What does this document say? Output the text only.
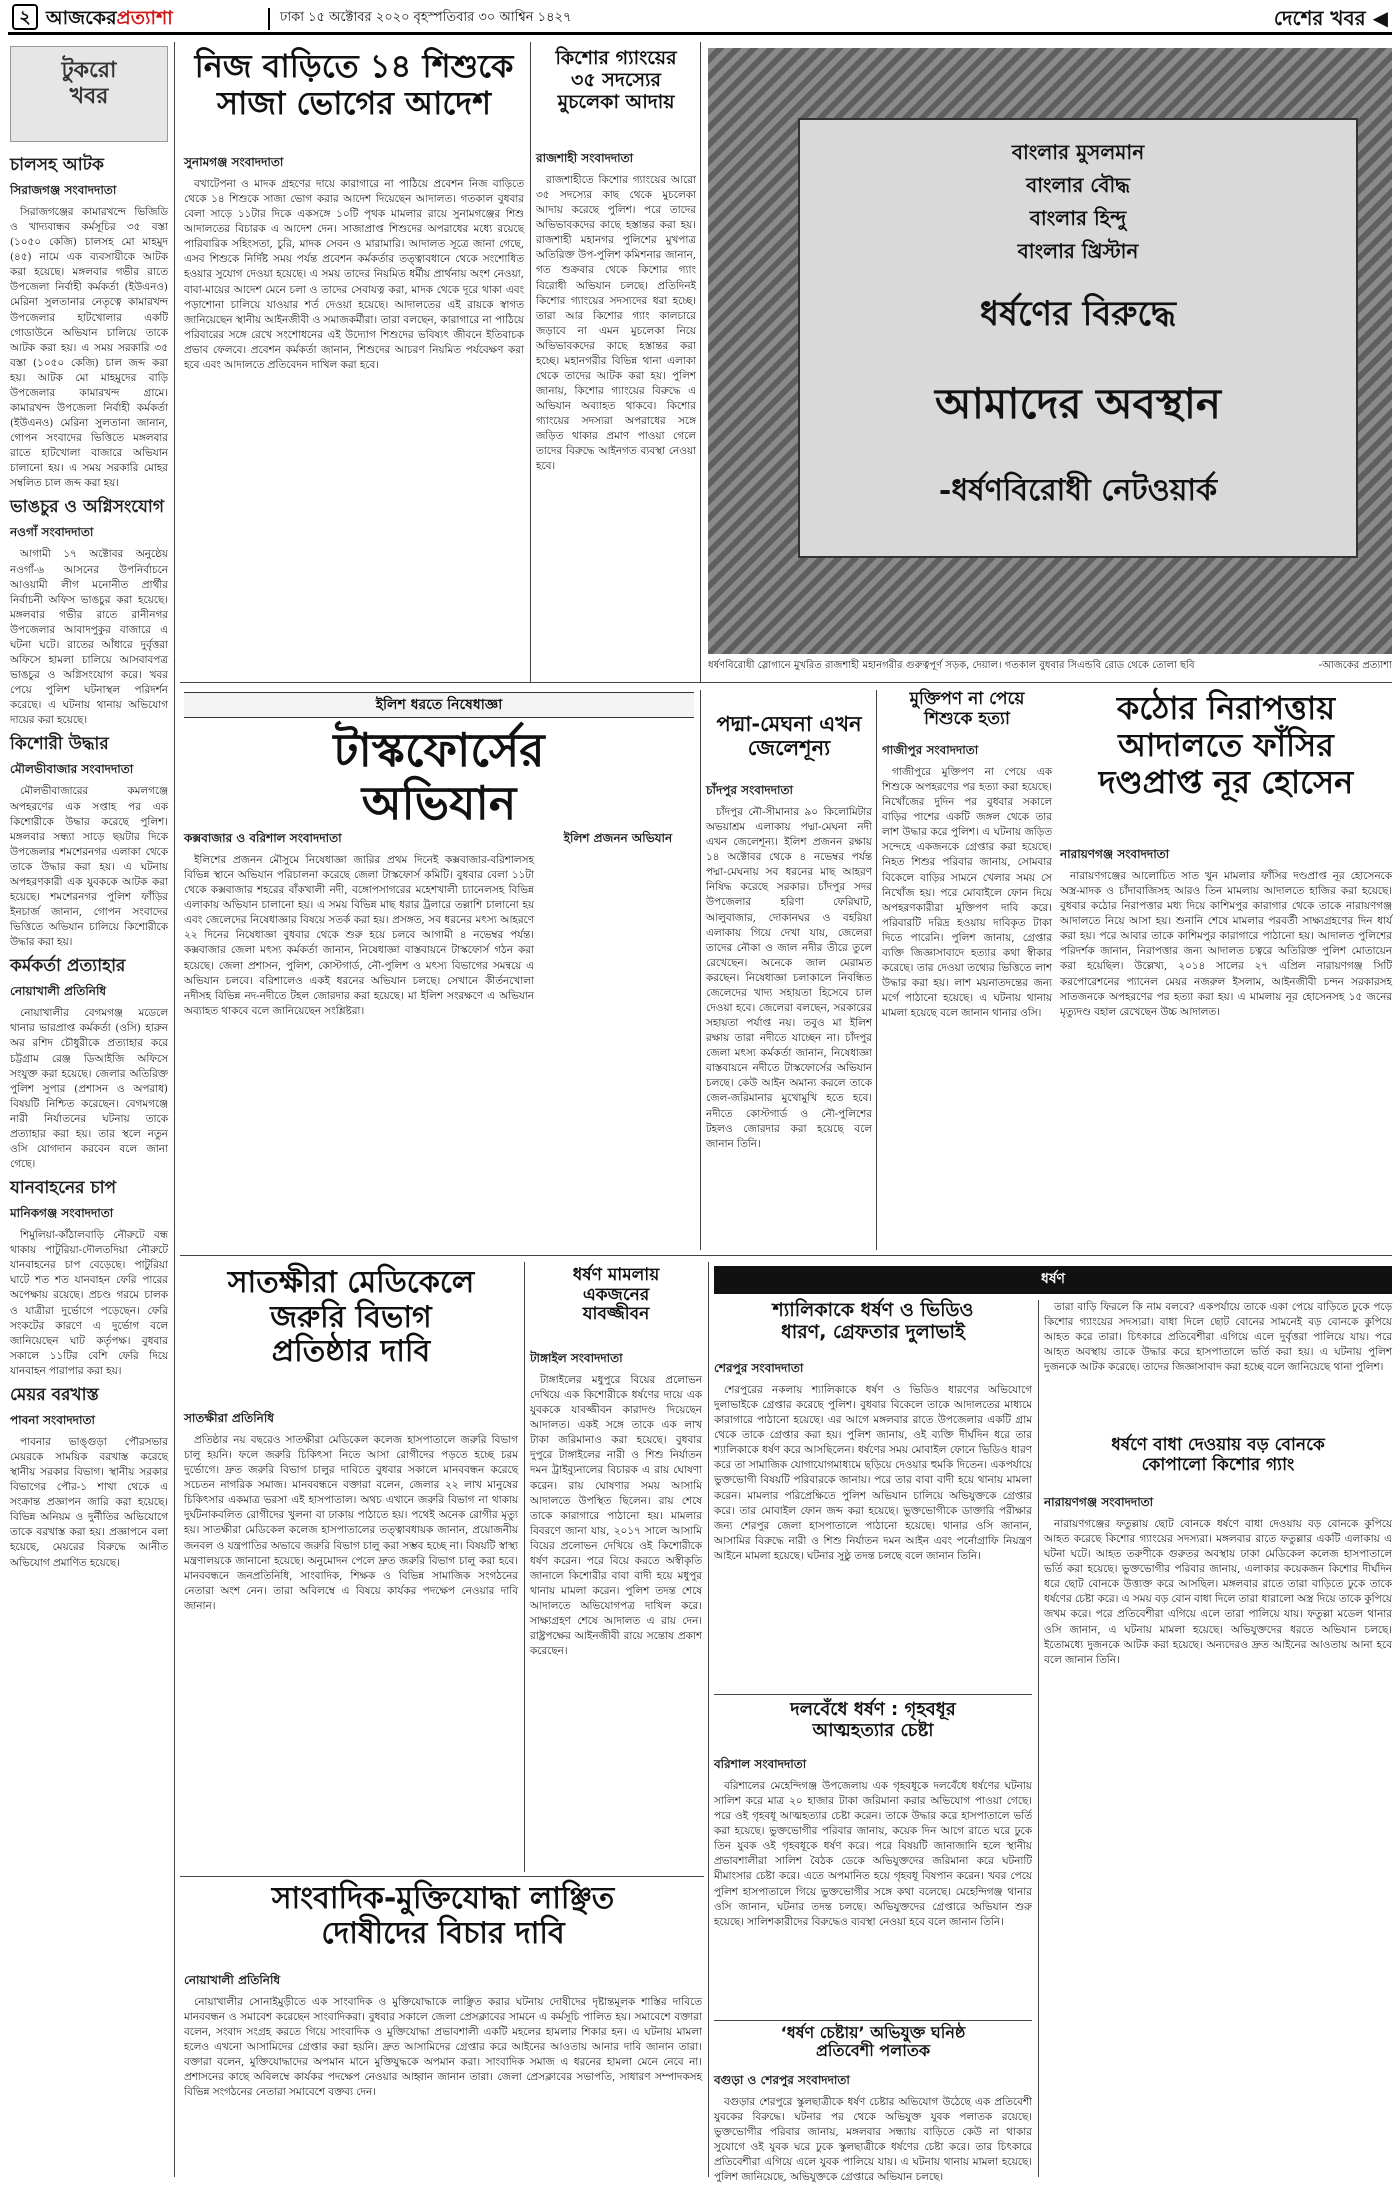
২ আজকেরপ্রত্যাশা	ঢাকা ১৫ অক্টোবর ২০২০ বৃহস্পতিবার ৩০ আশ্বিন ১৪২৭	দেশের খবর ◀
টুকরো
খবর
চালসহ আটক
সিরাজগঞ্জ সংবাদদাতা

সিরাজগঞ্জের কামারখন্দে ভিজিডি ও খাদ্যবান্ধব কর্মসূচির ৩৫ বস্তা (১০৫০ কেজি) চালসহ মো মাহমুদ (৪৫) নামে এক ব্যবসায়ীকে আটক করা হয়েছে। মঙ্গলবার গভীর রাতে উপজেলা নির্বাহী কর্মকর্তা (ইউএনও) মেরিনা সুলতানার নেতৃত্বে কামারখন্দ উপজেলার হাটখোলার একটি গোডাউনে অভিযান চালিয়ে তাকে আটক করা হয়। এ সময় সরকারি ৩৫ বস্তা (১০৫০ কেজি) চাল জব্দ করা হয়। আটক মো মাহমুদের বাড়ি উপজেলার কামারখন্দ গ্রামে। কামারখন্দ উপজেলা নির্বাহী কর্মকর্তা (ইউএনও) মেরিনা সুলতানা জানান, গোপন সংবাদের ভিত্তিতে মঙ্গলবার রাতে হাটখোলা বাজারে অভিযান চালানো হয়। এ সময় সরকারি মোহর সম্বলিত চাল জব্দ করা হয়।

ভাঙচুর ও অগ্নিসংযোগ
নওগাঁ সংবাদদাতা

আগামী ১৭ অক্টোবর অনুষ্ঠেয় নওগাঁ-৬ আসনের উপনির্বাচনে আওয়ামী লীগ মনোনীত প্রার্থীর নির্বাচনী অফিস ভাঙচুর করা হয়েছে। মঙ্গলবার গভীর রাতে রানীনগর উপজেলার আবাদপুকুর বাজারে এ ঘটনা ঘটে। রাতের আঁধারে দুর্বৃত্তরা অফিসে হামলা চালিয়ে আসবাবপত্র ভাঙচুর ও অগ্নিসংযোগ করে। খবর পেয়ে পুলিশ ঘটনাস্থল পরিদর্শন করেছে। এ ঘটনায় থানায় অভিযোগ দায়ের করা হয়েছে।

কিশোরী উদ্ধার
মৌলভীবাজার সংবাদদাতা

মৌলভীবাজারের কমলগঞ্জে অপহরণের এক সপ্তাহ পর এক কিশোরীকে উদ্ধার করেছে পুলিশ। মঙ্গলবার সন্ধ্যা সাড়ে ছয়টার দিকে উপজেলার শমশেরনগর এলাকা থেকে তাকে উদ্ধার করা হয়। এ ঘটনায় অপহরণকারী এক যুবককে আটক করা হয়েছে। শমশেরনগর পুলিশ ফাঁড়ির ইনচার্জ জানান, গোপন সংবাদের ভিত্তিতে অভিযান চালিয়ে কিশোরীকে উদ্ধার করা হয়।

কর্মকর্তা প্রত্যাহার
নোয়াখালী প্রতিনিধি

নোয়াখালীর বেগমগঞ্জ মডেলে থানার ভারপ্রাপ্ত কর্মকর্তা (ওসি) হারুন অর রশিদ চৌধুরীকে প্রত্যাহার করে চট্টগ্রাম রেঞ্জ ডিআইজি অফিসে সংযুক্ত করা হয়েছে। জেলার অতিরিক্ত পুলিশ সুপার (প্রশাসন ও অপরাধ) বিষয়টি নিশ্চিত করেছেন। বেগমগঞ্জে নারী নির্যাতনের ঘটনায় তাকে প্রত্যাহার করা হয়। তার স্থলে নতুন ওসি যোগদান করবেন বলে জানা গেছে।

যানবাহনের চাপ
মানিকগঞ্জ সংবাদদাতা

শিমুলিয়া-কাঁঠালবাড়ি নৌরুটে বন্ধ থাকায় পাটুরিয়া-দৌলতদিয়া নৌরুটে যানবাহনের চাপ বেড়েছে। পাটুরিয়া ঘাটে শত শত যানবাহন ফেরি পারের অপেক্ষায় রয়েছে। প্রচণ্ড গরমে চালক ও যাত্রীরা দুর্ভোগে পড়েছেন। ফেরি সংকটের কারণে এ দুর্ভোগ বলে জানিয়েছেন ঘাট কর্তৃপক্ষ। বুধবার সকালে ১১টির বেশি ফেরি দিয়ে যানবাহন পারাপার করা হয়।

মেয়র বরখাস্ত
পাবনা সংবাদদাতা

পাবনার ভাঙ্গুড়া পৌরসভার মেয়রকে সাময়িক বরখাস্ত করেছে স্থানীয় সরকার বিভাগ। স্থানীয় সরকার বিভাগের পৌর-১ শাখা থেকে এ সংক্রান্ত প্রজ্ঞাপন জারি করা হয়েছে। বিভিন্ন অনিয়ম ও দুর্নীতির অভিযোগে তাকে বরখাস্ত করা হয়। প্রজ্ঞাপনে বলা হয়েছে, মেয়রের বিরুদ্ধে আনীত অভিযোগ প্রমাণিত হয়েছে।

নিজ বাড়িতে ১৪ শিশুকে
সাজা ভোগের আদেশ
সুনামগঞ্জ সংবাদদাতা

বখাটেপনা ও মাদক গ্রহণের দায়ে কারাগারে না পাঠিয়ে প্রবেশন নিজ বাড়িতে থেকে ১৪ শিশুকে সাজা ভোগ করার আদেশ দিয়েছেন আদালত। গতকাল বুধবার বেলা সাড়ে ১১টার দিকে একসঙ্গে ১০টি পৃথক মামলার রায়ে সুনামগঞ্জের শিশু আদালতের বিচারক এ আদেশ দেন। সাজাপ্রাপ্ত শিশুদের অপরাধের মধ্যে রয়েছে পারিবারিক সহিংসতা, চুরি, মাদক সেবন ও মারামারি। আদালত সূত্রে জানা গেছে, এসব শিশুকে নির্দিষ্ট সময় পর্যন্ত প্রবেশন কর্মকর্তার তত্ত্বাবধানে থেকে সংশোধিত হওয়ার সুযোগ দেওয়া হয়েছে। এ সময় তাদের নিয়মিত ধর্মীয় প্রার্থনায় অংশ নেওয়া, বাবা-মায়ের আদেশ মেনে চলা ও তাদের সেবাযত্ন করা, মাদক থেকে দূরে থাকা এবং পড়াশোনা চালিয়ে যাওয়ার শর্ত দেওয়া হয়েছে। আদালতের এই রায়কে স্বাগত জানিয়েছেন স্থানীয় আইনজীবী ও সমাজকর্মীরা। তারা বলছেন, কারাগারে না পাঠিয়ে পরিবারের সঙ্গে রেখে সংশোধনের এই উদ্যোগ শিশুদের ভবিষ্যৎ জীবনে ইতিবাচক প্রভাব ফেলবে। প্রবেশন কর্মকর্তা জানান, শিশুদের আচরণ নিয়মিত পর্যবেক্ষণ করা হবে এবং আদালতে প্রতিবেদন দাখিল করা হবে।

কিশোর গ্যাংয়ের
৩৫ সদস্যের
মুচলেকা আদায়
রাজশাহী সংবাদদাতা

রাজশাহীতে কিশোর গ্যাংয়ের আরো ৩৫ সদস্যের কাছ থেকে মুচলেকা আদায় করেছে পুলিশ। পরে তাদের অভিভাবকদের কাছে হস্তান্তর করা হয়। রাজশাহী মহানগর পুলিশের মুখপাত্র অতিরিক্ত উপ-পুলিশ কমিশনার জানান, গত শুক্রবার থেকে কিশোর গ্যাং বিরোধী অভিযান চলছে। প্রতিদিনই কিশোর গ্যাংয়ের সদস্যদের ধরা হচ্ছে। তারা আর কিশোর গ্যাং কালচারে জড়াবে না এমন মুচলেকা নিয়ে অভিভাবকদের কাছে হস্তান্তর করা হচ্ছে। মহানগরীর বিভিন্ন থানা এলাকা থেকে তাদের আটক করা হয়। পুলিশ জানায়, কিশোর গ্যাংয়ের বিরুদ্ধে এ অভিযান অব্যাহত থাকবে। কিশোর গ্যাংয়ের সদস্যরা অপরাধের সঙ্গে জড়িত থাকার প্রমাণ পাওয়া গেলে তাদের বিরুদ্ধে আইনগত ব্যবস্থা নেওয়া হবে।

বাংলার মুসলমান
বাংলার বৌদ্ধ
বাংলার হিন্দু
বাংলার খ্রিস্টান
ধর্ষণের বিরুদ্ধে
আমাদের অবস্থান
-ধর্ষণবিরোধী নেটওয়ার্ক
ধর্ষণবিরোধী স্লোগানে মুখরিত রাজশাহী মহানগরীর গুরুত্বপূর্ণ সড়ক, দেয়াল। গতকাল বুধবার সিএন্ডবি রোড থেকে তোলা ছবি	-আজকের প্রত্যাশা
ইলিশ ধরতে নিষেধাজ্ঞা
টাস্কফোর্সের
অভিযান
কক্সবাজার ও বরিশাল সংবাদদাতা

ইলিশের প্রজনন মৌসুমে নিষেধাজ্ঞা জারির প্রথম দিনেই কক্সবাজার-বরিশালসহ বিভিন্ন স্থানে অভিযান পরিচালনা করেছে জেলা টাস্কফোর্স কমিটি। বুধবার বেলা ১১টা থেকে কক্সবাজার শহরের বাঁকখালী নদী, বঙ্গোপসাগরের মহেশখালী চ্যানেলসহ বিভিন্ন এলাকায় অভিযান চালানো হয়। এ সময় বিভিন্ন মাছ ধরার ট্রলারে তল্লাশি চালানো হয় এবং জেলেদের নিষেধাজ্ঞার বিষয়ে সতর্ক করা হয়। প্রসঙ্গত, সব ধরনের মৎস্য আহরণে ২২ দিনের নিষেধাজ্ঞা বুধবার থেকে শুরু হয়ে চলবে আগামী ৪ নভেম্বর পর্যন্ত। কক্সবাজার জেলা মৎস্য কর্মকর্তা জানান, নিষেধাজ্ঞা বাস্তবায়নে টাস্কফোর্স গঠন করা হয়েছে। জেলা প্রশাসন, পুলিশ, কোস্টগার্ড, নৌ-পুলিশ ও মৎস্য বিভাগের সমন্বয়ে এ অভিযান চলবে। বরিশালেও একই ধরনের অভিযান চলছে। সেখানে কীর্তনখোলা নদীসহ বিভিন্ন নদ-নদীতে টহল জোরদার করা হয়েছে। মা ইলিশ সংরক্ষণে এ অভিযান অব্যাহত থাকবে বলে জানিয়েছেন সংশ্লিষ্টরা।

ইলিশ প্রজনন অভিযান
পদ্মা-মেঘনা এখন
জেলেশূন্য
চাঁদপুর সংবাদদাতা

চাঁদপুর নৌ-সীমানার ৯০ কিলোমিটার অভয়াশ্রম এলাকায় পদ্মা-মেঘনা নদী এখন জেলেশূন্য। ইলিশ প্রজনন রক্ষায় ১৪ অক্টোবর থেকে ৪ নভেম্বর পর্যন্ত পদ্মা-মেঘনায় সব ধরনের মাছ আহরণ নিষিদ্ধ করেছে সরকার। চাঁদপুর সদর উপজেলার হরিণা ফেরিঘাট, আলুবাজার, দোকানঘর ও বহরিয়া এলাকায় গিয়ে দেখা যায়, জেলেরা তাদের নৌকা ও জাল নদীর তীরে তুলে রেখেছেন। অনেকে জাল মেরামত করছেন। নিষেধাজ্ঞা চলাকালে নিবন্ধিত জেলেদের খাদ্য সহায়তা হিসেবে চাল দেওয়া হবে। জেলেরা বলছেন, সরকারের সহায়তা পর্যাপ্ত নয়। তবুও মা ইলিশ রক্ষায় তারা নদীতে যাচ্ছেন না। চাঁদপুর জেলা মৎস্য কর্মকর্তা জানান, নিষেধাজ্ঞা বাস্তবায়নে নদীতে টাস্কফোর্সের অভিযান চলছে। কেউ আইন অমান্য করলে তাকে জেল-জরিমানার মুখোমুখি হতে হবে। নদীতে কোস্টগার্ড ও নৌ-পুলিশের টহলও জোরদার করা হয়েছে বলে জানান তিনি।

মুক্তিপণ না পেয়ে
শিশুকে হত্যা
গাজীপুর সংবাদদাতা

গাজীপুরে মুক্তিপণ না পেয়ে এক শিশুকে অপহরণের পর হত্যা করা হয়েছে। নিখোঁজের দুদিন পর বুধবার সকালে বাড়ির পাশের একটি জঙ্গল থেকে তার লাশ উদ্ধার করে পুলিশ। এ ঘটনায় জড়িত সন্দেহে একজনকে গ্রেপ্তার করা হয়েছে। নিহত শিশুর পরিবার জানায়, সোমবার বিকেলে বাড়ির সামনে খেলার সময় সে নিখোঁজ হয়। পরে মোবাইলে ফোন দিয়ে অপহরণকারীরা মুক্তিপণ দাবি করে। পরিবারটি দরিদ্র হওয়ায় দাবিকৃত টাকা দিতে পারেনি। পুলিশ জানায়, গ্রেপ্তার ব্যক্তি জিজ্ঞাসাবাদে হত্যার কথা স্বীকার করেছে। তার দেওয়া তথ্যের ভিত্তিতে লাশ উদ্ধার করা হয়। লাশ ময়নাতদন্তের জন্য মর্গে পাঠানো হয়েছে। এ ঘটনায় থানায় মামলা হয়েছে বলে জানান থানার ওসি।

কঠোর নিরাপত্তায়
আদালতে ফাঁসির
দণ্ডপ্রাপ্ত নূর হোসেন
নারায়ণগঞ্জ সংবাদদাতা

নারায়ণগঞ্জের আলোচিত সাত খুন মামলার ফাঁসির দণ্ডপ্রাপ্ত নূর হোসেনকে অস্ত্র-মাদক ও চাঁদাবাজিসহ আরও তিন মামলায় আদালতে হাজির করা হয়েছে। বুধবার কঠোর নিরাপত্তার মধ্য দিয়ে কাশিমপুর কারাগার থেকে তাকে নারায়ণগঞ্জ আদালতে নিয়ে আসা হয়। শুনানি শেষে মামলার পরবর্তী সাক্ষ্যগ্রহণের দিন ধার্য করা হয়। পরে আবার তাকে কাশিমপুর কারাগারে পাঠানো হয়। আদালত পুলিশের পরিদর্শক জানান, নিরাপত্তার জন্য আদালত চত্বরে অতিরিক্ত পুলিশ মোতায়েন করা হয়েছিল। উল্লেখ্য, ২০১৪ সালের ২৭ এপ্রিল নারায়ণগঞ্জ সিটি করপোরেশনের প্যানেল মেয়র নজরুল ইসলাম, আইনজীবী চন্দন সরকারসহ সাতজনকে অপহরণের পর হত্যা করা হয়। এ মামলায় নূর হোসেনসহ ১৫ জনের মৃত্যুদণ্ড বহাল রেখেছেন উচ্চ আদালত।

সাতক্ষীরা মেডিকেলে
জরুরি বিভাগ
প্রতিষ্ঠার দাবি
সাতক্ষীরা প্রতিনিধি

প্রতিষ্ঠার নয় বছরেও সাতক্ষীরা মেডিকেল কলেজ হাসপাতালে জরুরি বিভাগ চালু হয়নি। ফলে জরুরি চিকিৎসা নিতে আসা রোগীদের পড়তে হচ্ছে চরম দুর্ভোগে। দ্রুত জরুরি বিভাগ চালুর দাবিতে বুধবার সকালে মানববন্ধন করেছে সচেতন নাগরিক সমাজ। মানববন্ধনে বক্তারা বলেন, জেলার ২২ লাখ মানুষের চিকিৎসার একমাত্র ভরসা এই হাসপাতাল। অথচ এখানে জরুরি বিভাগ না থাকায় দুর্ঘটনাকবলিত রোগীদের খুলনা বা ঢাকায় পাঠাতে হয়। পথেই অনেক রোগীর মৃত্যু হয়। সাতক্ষীরা মেডিকেল কলেজ হাসপাতালের তত্ত্বাবধায়ক জানান, প্রয়োজনীয় জনবল ও যন্ত্রপাতির অভাবে জরুরি বিভাগ চালু করা সম্ভব হচ্ছে না। বিষয়টি স্বাস্থ্য মন্ত্রণালয়কে জানানো হয়েছে। অনুমোদন পেলে দ্রুত জরুরি বিভাগ চালু করা হবে। মানববন্ধনে জনপ্রতিনিধি, সাংবাদিক, শিক্ষক ও বিভিন্ন সামাজিক সংগঠনের নেতারা অংশ নেন। তারা অবিলম্বে এ বিষয়ে কার্যকর পদক্ষেপ নেওয়ার দাবি জানান।

ধর্ষণ মামলায়
একজনের
যাবজ্জীবন
টাঙ্গাইল সংবাদদাতা

টাঙ্গাইলের মধুপুরে বিয়ের প্রলোভন দেখিয়ে এক কিশোরীকে ধর্ষণের দায়ে এক যুবককে যাবজ্জীবন কারাদণ্ড দিয়েছেন আদালত। একই সঙ্গে তাকে এক লাখ টাকা জরিমানাও করা হয়েছে। বুধবার দুপুরে টাঙ্গাইলের নারী ও শিশু নির্যাতন দমন ট্রাইব্যুনালের বিচারক এ রায় ঘোষণা করেন। রায় ঘোষণার সময় আসামি আদালতে উপস্থিত ছিলেন। রায় শেষে তাকে কারাগারে পাঠানো হয়। মামলার বিবরণে জানা যায়, ২০১৭ সালে আসামি বিয়ের প্রলোভন দেখিয়ে ওই কিশোরীকে ধর্ষণ করেন। পরে বিয়ে করতে অস্বীকৃতি জানালে কিশোরীর বাবা বাদী হয়ে মধুপুর থানায় মামলা করেন। পুলিশ তদন্ত শেষে আদালতে অভিযোগপত্র দাখিল করে। সাক্ষ্যগ্রহণ শেষে আদালত এ রায় দেন। রাষ্ট্রপক্ষের আইনজীবী রায়ে সন্তোষ প্রকাশ করেছেন।

ধর্ষণ
শ্যালিকাকে ধর্ষণ ও ভিডিও
ধারণ, গ্রেফতার দুলাভাই
শেরপুর সংবাদদাতা

শেরপুরের নকলায় শ্যালিকাকে ধর্ষণ ও ভিডিও ধারণের অভিযোগে দুলাভাইকে গ্রেপ্তার করেছে পুলিশ। বুধবার বিকেলে তাকে আদালতের মাধ্যমে কারাগারে পাঠানো হয়েছে। এর আগে মঙ্গলবার রাতে উপজেলার একটি গ্রাম থেকে তাকে গ্রেপ্তার করা হয়। পুলিশ জানায়, ওই ব্যক্তি দীর্ঘদিন ধরে তার শ্যালিকাকে ধর্ষণ করে আসছিলেন। ধর্ষণের সময় মোবাইল ফোনে ভিডিও ধারণ করে তা সামাজিক যোগাযোগমাধ্যমে ছড়িয়ে দেওয়ার হুমকি দিতেন। একপর্যায়ে ভুক্তভোগী বিষয়টি পরিবারকে জানায়। পরে তার বাবা বাদী হয়ে থানায় মামলা করেন। মামলার পরিপ্রেক্ষিতে পুলিশ অভিযান চালিয়ে অভিযুক্তকে গ্রেপ্তার করে। তার মোবাইল ফোন জব্দ করা হয়েছে। ভুক্তভোগীকে ডাক্তারি পরীক্ষার জন্য শেরপুর জেলা হাসপাতালে পাঠানো হয়েছে। থানার ওসি জানান, আসামির বিরুদ্ধে নারী ও শিশু নির্যাতন দমন আইন এবং পর্নোগ্রাফি নিয়ন্ত্রণ আইনে মামলা হয়েছে। ঘটনার সুষ্ঠু তদন্ত চলছে বলে জানান তিনি।

দলবেঁধে ধর্ষণ : গৃহবধূর
আত্মহত্যার চেষ্টা
বরিশাল সংবাদদাতা

বরিশালের মেহেন্দিগঞ্জ উপজেলায় এক গৃহবধূকে দলবেঁধে ধর্ষণের ঘটনায় সালিশ করে মাত্র ২০ হাজার টাকা জরিমানা করার অভিযোগ পাওয়া গেছে। পরে ওই গৃহবধূ আত্মহত্যার চেষ্টা করেন। তাকে উদ্ধার করে হাসপাতালে ভর্তি করা হয়েছে। ভুক্তভোগীর পরিবার জানায়, কয়েক দিন আগে রাতে ঘরে ঢুকে তিন যুবক ওই গৃহবধূকে ধর্ষণ করে। পরে বিষয়টি জানাজানি হলে স্থানীয় প্রভাবশালীরা সালিশ বৈঠক ডেকে অভিযুক্তদের জরিমানা করে ঘটনাটি মীমাংসার চেষ্টা করে। এতে অপমানিত হয়ে গৃহবধূ বিষপান করেন। খবর পেয়ে পুলিশ হাসপাতালে গিয়ে ভুক্তভোগীর সঙ্গে কথা বলেছে। মেহেন্দিগঞ্জ থানার ওসি জানান, ঘটনার তদন্ত চলছে। অভিযুক্তদের গ্রেপ্তারে অভিযান শুরু হয়েছে। সালিশকারীদের বিরুদ্ধেও ব্যবস্থা নেওয়া হবে বলে জানান তিনি।

‘ধর্ষণ চেষ্টায়’ অভিযুক্ত ঘনিষ্ঠ
প্রতিবেশী পলাতক
বগুড়া ও শেরপুর সংবাদদাতা

বগুড়ার শেরপুরে স্কুলছাত্রীকে ধর্ষণ চেষ্টার অভিযোগ উঠেছে এক প্রতিবেশী যুবকের বিরুদ্ধে। ঘটনার পর থেকে অভিযুক্ত যুবক পলাতক রয়েছে। ভুক্তভোগীর পরিবার জানায়, মঙ্গলবার সন্ধ্যায় বাড়িতে কেউ না থাকার সুযোগে ওই যুবক ঘরে ঢুকে স্কুলছাত্রীকে ধর্ষণের চেষ্টা করে। তার চিৎকারে প্রতিবেশীরা এগিয়ে এলে যুবক পালিয়ে যায়। এ ঘটনায় থানায় মামলা হয়েছে। পুলিশ জানিয়েছে, অভিযুক্তকে গ্রেপ্তারে অভিযান চলছে।

তারা বাড়ি ফিরলে কি নাম বলবে? একপর্যায়ে তাকে একা পেয়ে বাড়িতে ঢুকে পড়ে কিশোর গ্যাংয়ের সদস্যরা। বাধা দিলে ছোট বোনের সামনেই বড় বোনকে কুপিয়ে আহত করে তারা। চিৎকারে প্রতিবেশীরা এগিয়ে এলে দুর্বৃত্তরা পালিয়ে যায়। পরে আহত অবস্থায় তাকে উদ্ধার করে হাসপাতালে ভর্তি করা হয়। এ ঘটনায় পুলিশ দুজনকে আটক করেছে। তাদের জিজ্ঞাসাবাদ করা হচ্ছে বলে জানিয়েছে থানা পুলিশ।

ধর্ষণে বাধা দেওয়ায় বড় বোনকে
কোপালো কিশোর গ্যাং
নারায়ণগঞ্জ সংবাদদাতা

নারায়ণগঞ্জের ফতুল্লায় ছোট বোনকে ধর্ষণে বাধা দেওয়ায় বড় বোনকে কুপিয়ে আহত করেছে কিশোর গ্যাংয়ের সদস্যরা। মঙ্গলবার রাতে ফতুল্লার একটি এলাকায় এ ঘটনা ঘটে। আহত তরুণীকে গুরুতর অবস্থায় ঢাকা মেডিকেল কলেজ হাসপাতালে ভর্তি করা হয়েছে। ভুক্তভোগীর পরিবার জানায়, এলাকার কয়েকজন কিশোর দীর্ঘদিন ধরে ছোট বোনকে উত্ত্যক্ত করে আসছিল। মঙ্গলবার রাতে তারা বাড়িতে ঢুকে তাকে ধর্ষণের চেষ্টা করে। এ সময় বড় বোন বাধা দিলে তারা ধারালো অস্ত্র দিয়ে তাকে কুপিয়ে জখম করে। পরে প্রতিবেশীরা এগিয়ে এলে তারা পালিয়ে যায়। ফতুল্লা মডেল থানার ওসি জানান, এ ঘটনায় মামলা হয়েছে। অভিযুক্তদের ধরতে অভিযান চলছে। ইতোমধ্যে দুজনকে আটক করা হয়েছে। অন্যদেরও দ্রুত আইনের আওতায় আনা হবে বলে জানান তিনি।

সাংবাদিক-মুক্তিযোদ্ধা লাঞ্ছিত
দোষীদের বিচার দাবি
নোয়াখালী প্রতিনিধি

নোয়াখালীর সোনাইমুড়ীতে এক সাংবাদিক ও মুক্তিযোদ্ধাকে লাঞ্ছিত করার ঘটনায় দোষীদের দৃষ্টান্তমূলক শাস্তির দাবিতে মানববন্ধন ও সমাবেশ করেছেন সাংবাদিকরা। বুধবার সকালে জেলা প্রেসক্লাবের সামনে এ কর্মসূচি পালিত হয়। সমাবেশে বক্তারা বলেন, সংবাদ সংগ্রহ করতে গিয়ে সাংবাদিক ও মুক্তিযোদ্ধা প্রভাবশালী একটি মহলের হামলার শিকার হন। এ ঘটনায় মামলা হলেও এখনো আসামিদের গ্রেপ্তার করা হয়নি। দ্রুত আসামিদের গ্রেপ্তার করে আইনের আওতায় আনার দাবি জানান তারা। বক্তারা বলেন, মুক্তিযোদ্ধাদের অপমান মানে মুক্তিযুদ্ধকে অপমান করা। সাংবাদিক সমাজ এ ধরনের হামলা মেনে নেবে না। প্রশাসনের কাছে অবিলম্বে কার্যকর পদক্ষেপ নেওয়ার আহ্বান জানান তারা। জেলা প্রেসক্লাবের সভাপতি, সাধারণ সম্পাদকসহ বিভিন্ন সংগঠনের নেতারা সমাবেশে বক্তব্য দেন।
